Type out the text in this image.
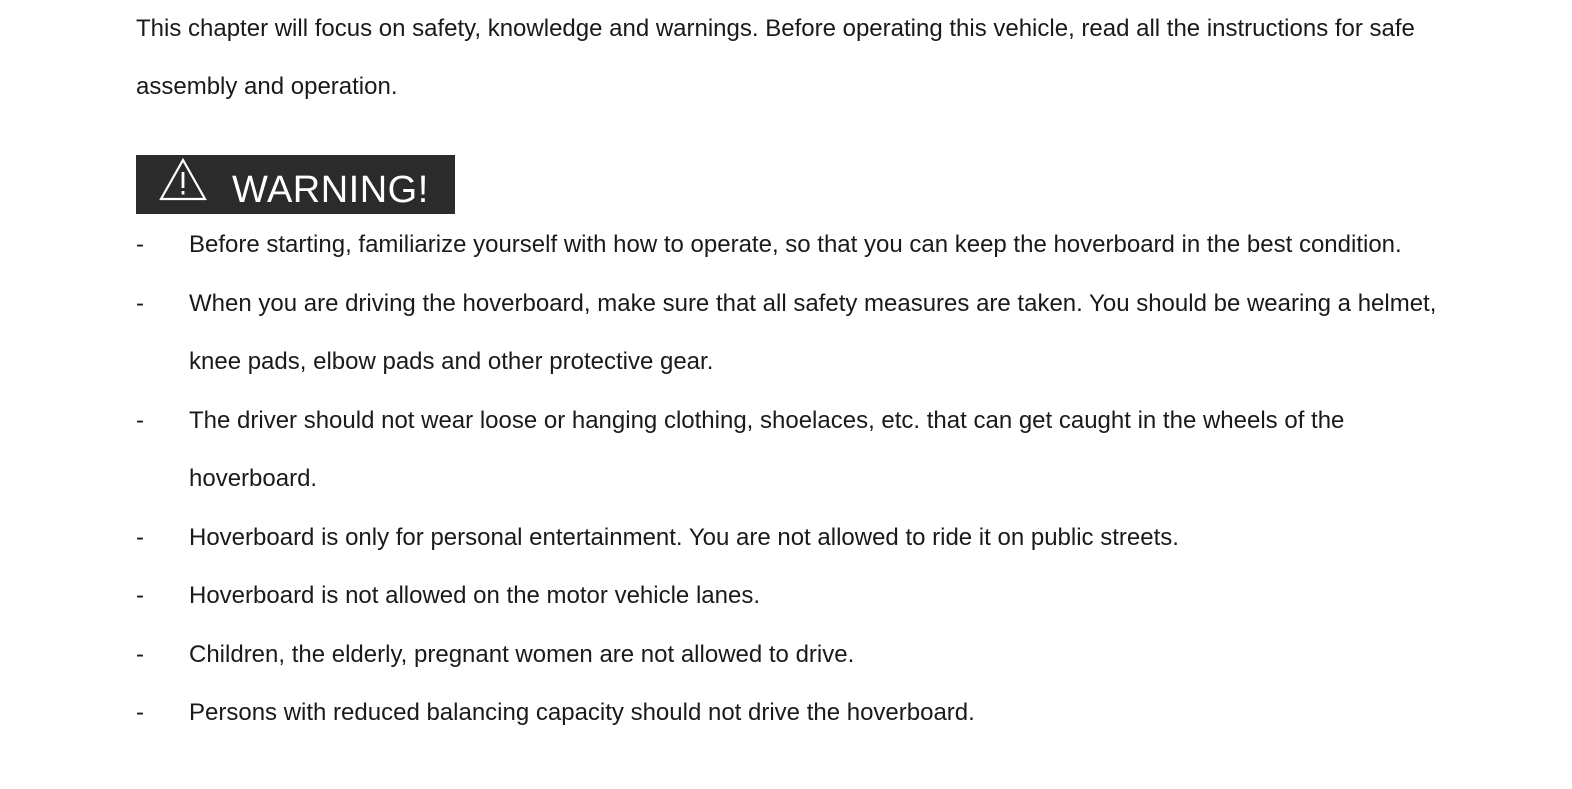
This chapter will focus on safety, knowledge and warnings. Before operating this vehicle, read all the instructions for safe assembly and operation.

WARNING!
-	Before starting, familiarize yourself with how to operate, so that you can keep the hoverboard in the best condition.
-	When you are driving the hoverboard, make sure that all safety measures are taken. You should be wearing a helmet, knee pads, elbow pads and other protective gear.
-	The driver should not wear loose or hanging clothing, shoelaces, etc. that can get caught in the wheels of the hoverboard.
-	Hoverboard is only for personal entertainment. You are not allowed to ride it on public streets.
-	Hoverboard is not allowed on the motor vehicle lanes.
-	Children, the elderly, pregnant women are not allowed to drive.
-	Persons with reduced balancing capacity should not drive the hoverboard.
